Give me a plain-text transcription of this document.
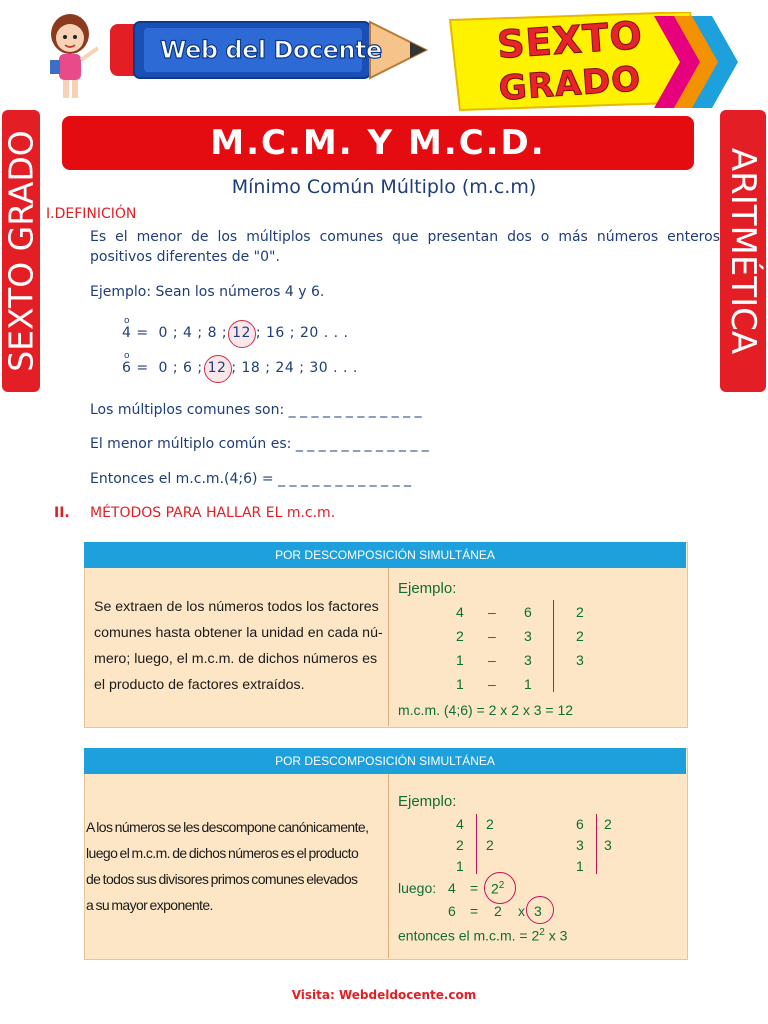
Web del Docente	SEXTO
GRADO
SEXTO GRADO	ARITMÉTICA
M.C.M. Y M.C.D.
Mínimo Común Múltiplo (m.c.m)
I.DEFINICIÓN
Es el menor de los múltiplos comunes que presentan dos o más números enteros positivos diferentes de "0".
Ejemplo: Sean los números 4 y 6.
o
4 = 0 ; 4 ; 8 ; 12 ; 16 ; 20 . . .
o
6 = 0 ; 6 ; 12 ; 18 ; 24 ; 30 . . .
Los múltiplos comunes son: _ _ _ _ _ _ _ _ _ _ _ _
El menor múltiplo común es: _ _ _ _ _ _ _ _ _ _ _ _
Entonces el m.c.m.(4;6) = _ _ _ _ _ _ _ _ _ _ _ _
II. MÉTODOS PARA HALLAR EL m.c.m.
POR DESCOMPOSICIÓN SIMULTÁNEA
Se extraen de los números todos los factores
comunes hasta obtener la unidad en cada nú-
mero; luego, el m.c.m. de dichos números es
el producto de factores extraídos.
Ejemplo:
4 – 6	2
2 – 3	2
1 – 3	3
1 – 1
m.c.m. (4;6) = 2 x 2 x 3 = 12
POR DESCOMPOSICIÓN SIMULTÁNEA
A los números se les descompone canónicamente,
luego el m.c.m. de dichos números es el producto
de todos sus divisores primos comunes elevados
a su mayor exponente.
Ejemplo:
4 2
2 2
1
6 2
3 3
1
luego: $4 = 2^2$
6 = 2 x 3
entonces el m.c.m. = $2^2$ x 3
Visita: Webdeldocente.com
